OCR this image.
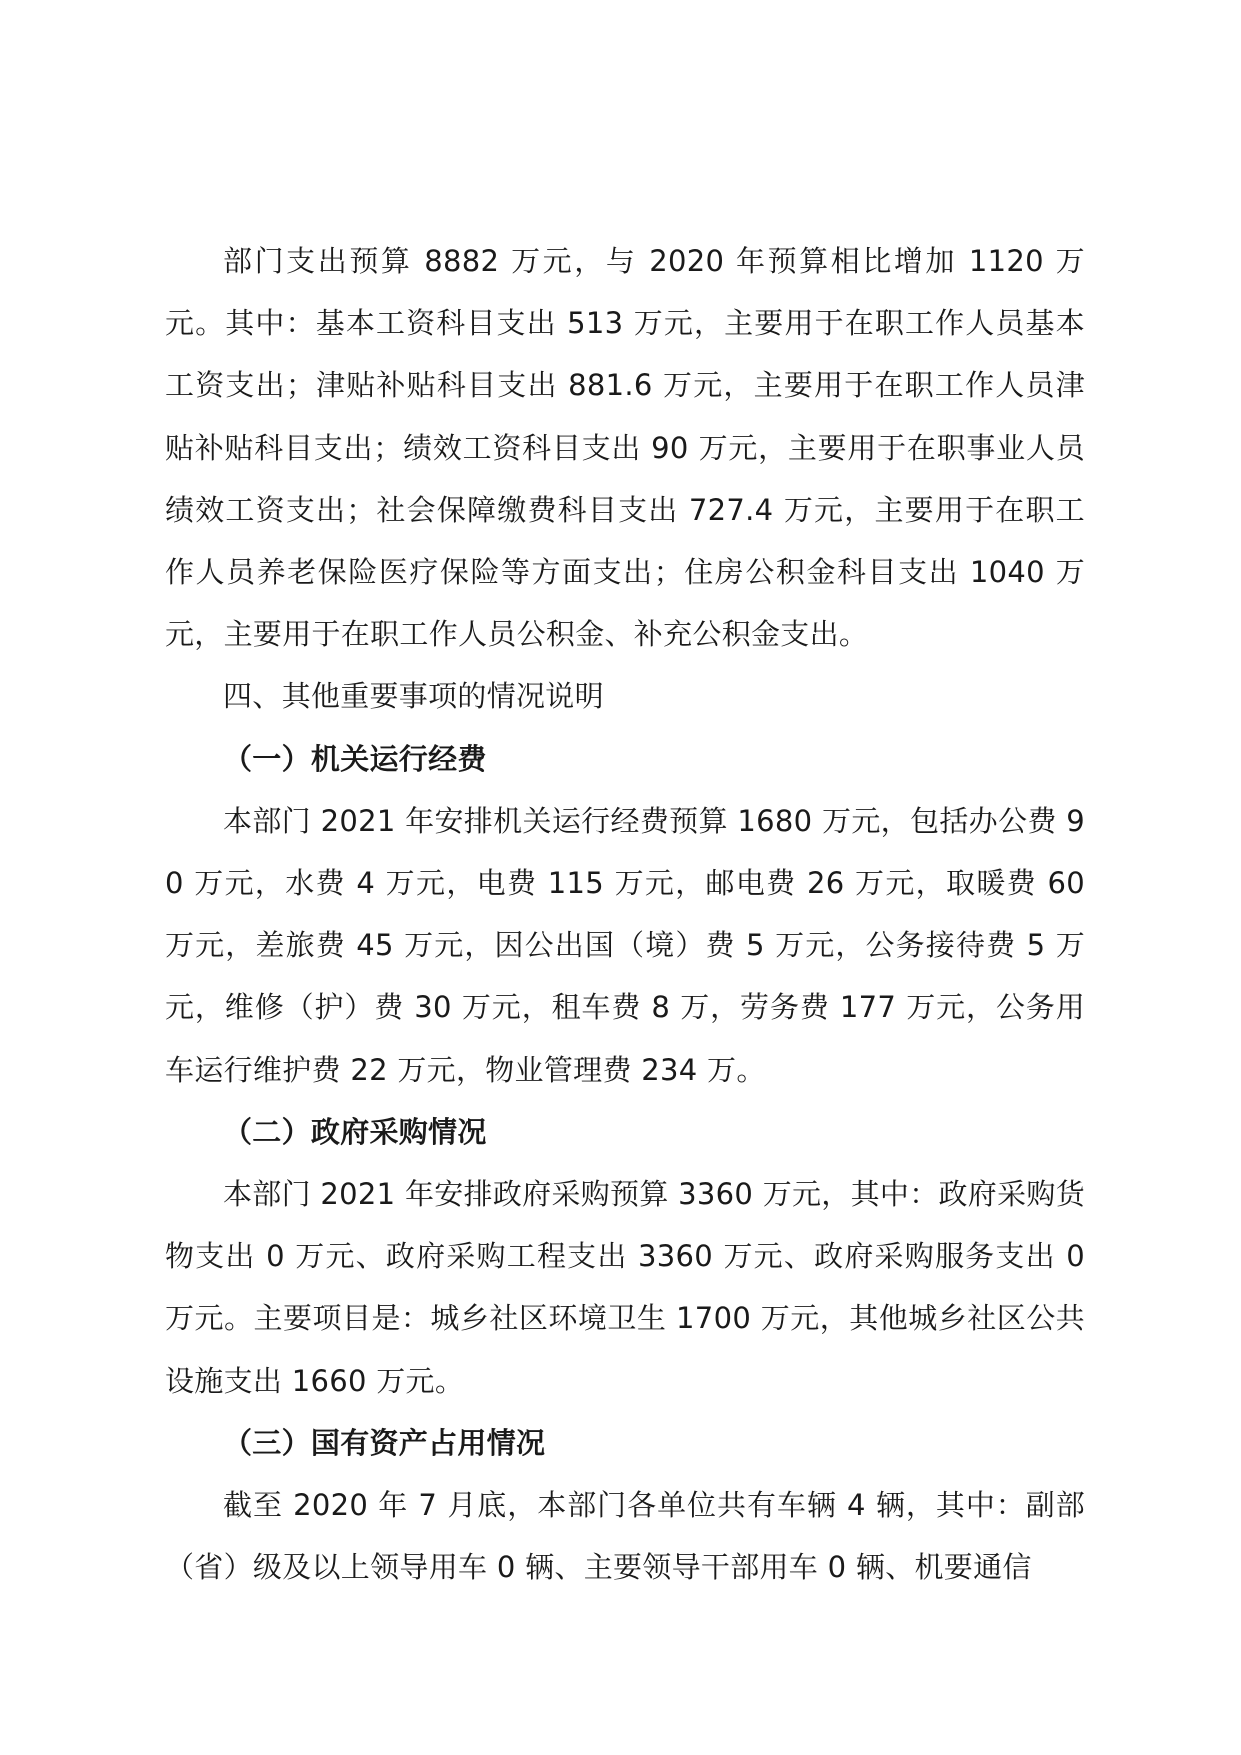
部门支出预算 8882 万元，与 2020 年预算相比增加 1120 万元。其中：基本工资科目支出 513 万元，主要用于在职工作人员基本工资支出；津贴补贴科目支出 881.6 万元，主要用于在职工作人员津贴补贴科目支出；绩效工资科目支出 90 万元，主要用于在职事业人员绩效工资支出；社会保障缴费科目支出 727.4 万元，主要用于在职工作人员养老保险医疗保险等方面支出；住房公积金科目支出 1040 万元，主要用于在职工作人员公积金、补充公积金支出。

四、其他重要事项的情况说明

（一）机关运行经费

本部门 2021 年安排机关运行经费预算 1680 万元，包括办公费 90 万元，水费 4 万元，电费 115 万元，邮电费 26 万元，取暖费 60 万元，差旅费 45 万元，因公出国（境）费 5 万元，公务接待费 5 万元，维修（护）费 30 万元，租车费 8 万，劳务费 177 万元，公务用车运行维护费 22 万元，物业管理费 234 万。

（二）政府采购情况

本部门 2021 年安排政府采购预算 3360 万元，其中：政府采购货物支出 0 万元、政府采购工程支出 3360 万元、政府采购服务支出 0 万元。主要项目是：城乡社区环境卫生 1700 万元，其他城乡社区公共设施支出 1660 万元。

（三）国有资产占用情况

截至 2020 年 7 月底，本部门各单位共有车辆 4 辆，其中：副部（省）级及以上领导用车 0 辆、主要领导干部用车 0 辆、机要通信
